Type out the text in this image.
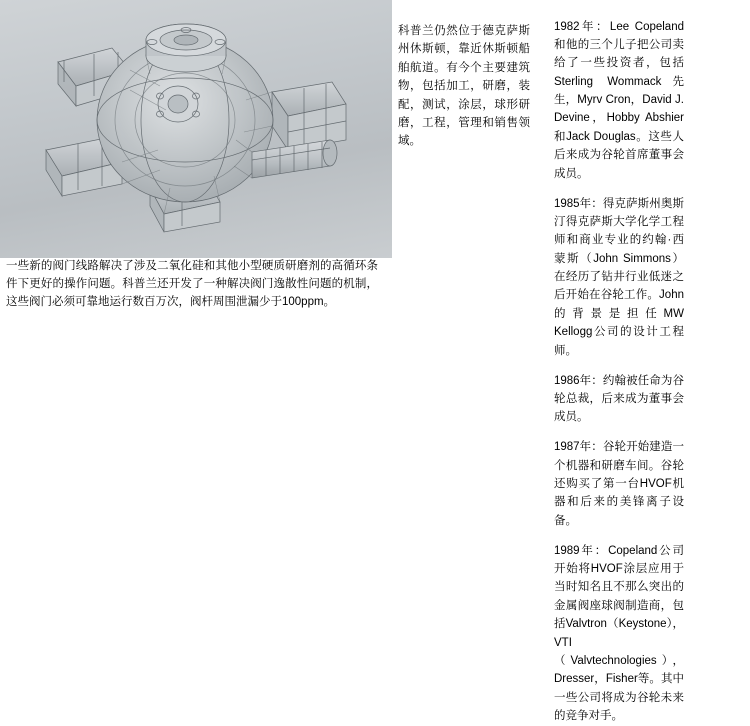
一些新的阀门线路解决了涉及二氧化硅和其他小型硬质研磨剂的高循环条件下更好的操作问题。科普兰还开发了一种解决阀门逸散性问题的机制，这些阀门必须可靠地运行数百万次，阀杆周围泄漏少于100ppm。
科普兰仍然位于德克萨斯州休斯顿，靠近休斯顿船舶航道。有今个主要建筑物，包括加工，研磨，装配，测试，涂层，球形研磨，工程，管理和销售领域。

1982年：Lee Copeland和他的三个儿子把公司卖给了一些投资者，包括Sterling Wommack先生，Myrv Cron，David J. Devine，Hobby Abshier和Jack Douglas。这些人后来成为谷轮首席董事会成员。

1985年：得克萨斯州奥斯汀得克萨斯大学化学工程师和商业专业的约翰·西蒙斯（John Simmons）在经历了钻井行业低迷之后开始在谷轮工作。John的背景是担任MW Kellogg公司的设计工程师。

1986年：约翰被任命为谷轮总裁，后来成为董事会成员。

1987年：谷轮开始建造一个机器和研磨车间。谷轮还购买了第一台HVOF机器和后来的美锋离子设备。

1989年：Copeland公司开始将HVOF涂层应用于当时知名且不那么突出的金属阀座球阀制造商，包括Valvtron（Keystone），VTI（Valvtechnologies），Dresser，Fisher等。其中一些公司将成为谷轮未来的竞争对手。
